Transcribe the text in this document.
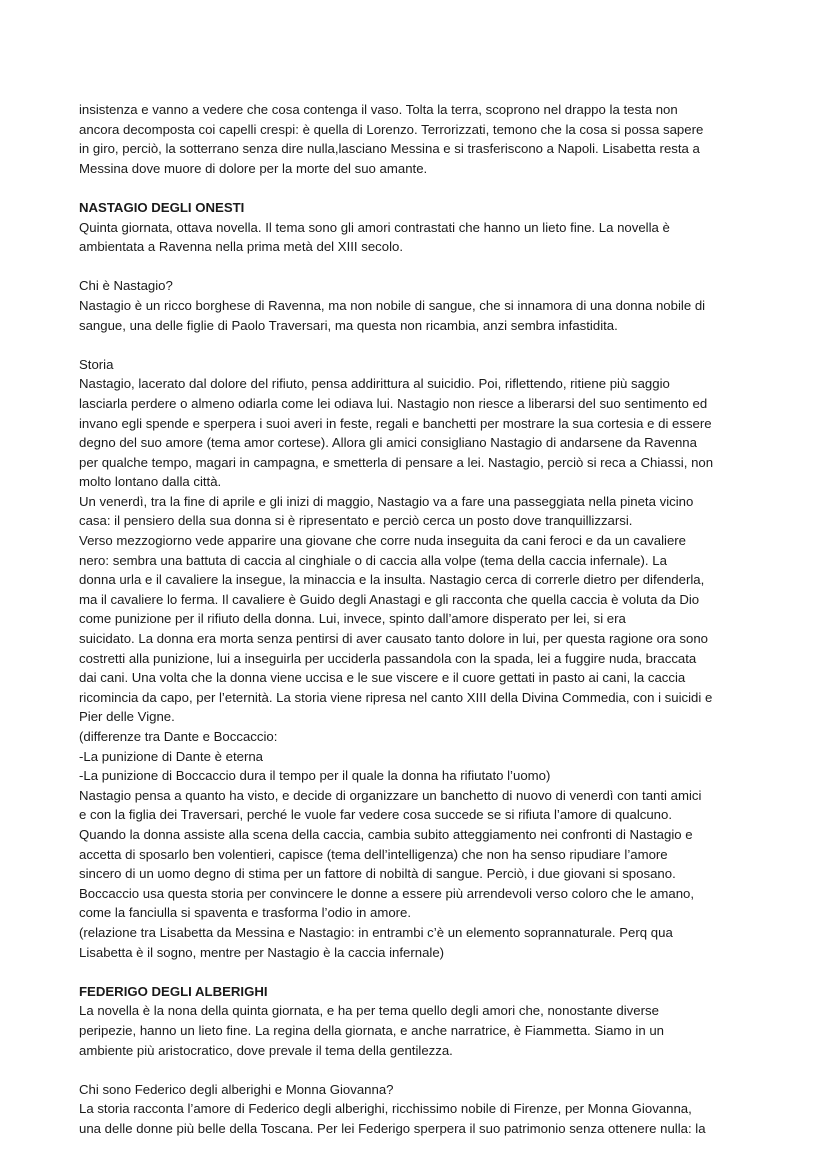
insistenza e vanno a vedere che cosa contenga il vaso. Tolta la terra, scoprono nel drappo la testa non
ancora decomposta coi capelli crespi: è quella di Lorenzo. Terrorizzati, temono che la cosa si possa sapere
in giro, perciò, la sotterrano senza dire nulla,lasciano Messina e si trasferiscono a Napoli. Lisabetta resta a
Messina dove muore di dolore per la morte del suo amante.
NASTAGIO DEGLI ONESTI
Quinta giornata, ottava novella. Il tema sono gli amori contrastati che hanno un lieto fine. La novella è
ambientata a Ravenna nella prima metà del XIII secolo.
Chi è Nastagio?
Nastagio è un ricco borghese di Ravenna, ma non nobile di sangue, che si innamora di una donna nobile di
sangue, una delle figlie di Paolo Traversari, ma questa non ricambia, anzi sembra infastidita.
Storia
Nastagio, lacerato dal dolore del rifiuto, pensa addirittura al suicidio. Poi, riflettendo, ritiene più saggio
lasciarla perdere o almeno odiarla come lei odiava lui. Nastagio non riesce a liberarsi del suo sentimento ed
invano egli spende e sperpera i suoi averi in feste, regali e banchetti per mostrare la sua cortesia e di essere
degno del suo amore (tema amor cortese). Allora gli amici consigliano Nastagio di andarsene da Ravenna
per qualche tempo, magari in campagna, e smetterla di pensare a lei. Nastagio, perciò si reca a Chiassi, non
molto lontano dalla città.
Un venerdì, tra la fine di aprile e gli inizi di maggio, Nastagio va a fare una passeggiata nella pineta vicino
casa: il pensiero della sua donna si è ripresentato e perciò cerca un posto dove tranquillizzarsi.
Verso mezzogiorno vede apparire una giovane che corre nuda inseguita da cani feroci e da un cavaliere
nero: sembra una battuta di caccia al cinghiale o di caccia alla volpe (tema della caccia infernale). La
donna urla e il cavaliere la insegue, la minaccia e la insulta. Nastagio cerca di correrle dietro per difenderla,
ma il cavaliere lo ferma. Il cavaliere è Guido degli Anastagi e gli racconta che quella caccia è voluta da Dio
come punizione per il rifiuto della donna. Lui, invece, spinto dall’amore disperato per lei, si era
suicidato. La donna era morta senza pentirsi di aver causato tanto dolore in lui, per questa ragione ora sono
costretti alla punizione, lui a inseguirla per ucciderla passandola con la spada, lei a fuggire nuda, braccata
dai cani. Una volta che la donna viene uccisa e le sue viscere e il cuore gettati in pasto ai cani, la caccia
ricomincia da capo, per l’eternità. La storia viene ripresa nel canto XIII della Divina Commedia, con i suicidi e
Pier delle Vigne.
(differenze tra Dante e Boccaccio:
-La punizione di Dante è eterna
-La punizione di Boccaccio dura il tempo per il quale la donna ha rifiutato l’uomo)
Nastagio pensa a quanto ha visto, e decide di organizzare un banchetto di nuovo di venerdì con tanti amici
e con la figlia dei Traversari, perché le vuole far vedere cosa succede se si rifiuta l’amore di qualcuno.
Quando la donna assiste alla scena della caccia, cambia subito atteggiamento nei confronti di Nastagio e
accetta di sposarlo ben volentieri, capisce (tema dell’intelligenza) che non ha senso ripudiare l’amore
sincero di un uomo degno di stima per un fattore di nobiltà di sangue. Perciò, i due giovani si sposano.
Boccaccio usa questa storia per convincere le donne a essere più arrendevoli verso coloro che le amano,
come la fanciulla si spaventa e trasforma l’odio in amore.
(relazione tra Lisabetta da Messina e Nastagio: in entrambi c’è un elemento soprannaturale. Perq qua
Lisabetta è il sogno, mentre per Nastagio è la caccia infernale)
FEDERIGO DEGLI ALBERIGHI
La novella è la nona della quinta giornata, e ha per tema quello degli amori che, nonostante diverse
peripezie, hanno un lieto fine. La regina della giornata, e anche narratrice, è Fiammetta. Siamo in un
ambiente più aristocratico, dove prevale il tema della gentilezza.
Chi sono Federico degli alberighi e Monna Giovanna?
La storia racconta l’amore di Federico degli alberighi, ricchissimo nobile di Firenze, per Monna Giovanna,
una delle donne più belle della Toscana. Per lei Federigo sperpera il suo patrimonio senza ottenere nulla: la
